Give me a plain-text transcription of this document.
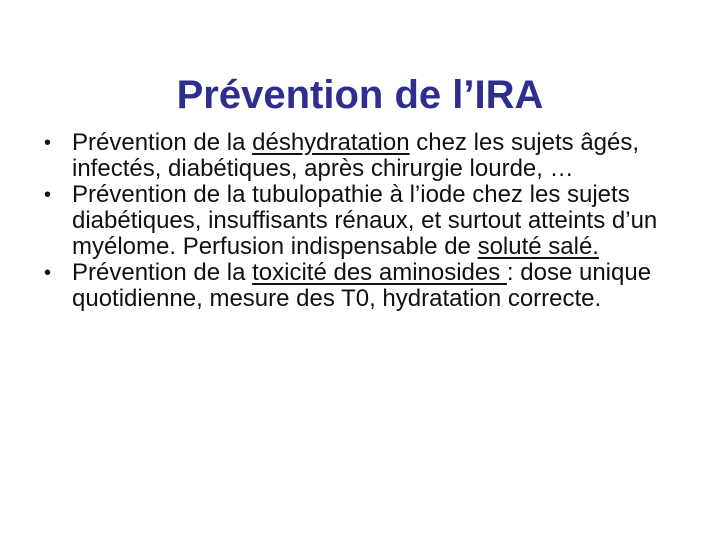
Prévention de l’IRA
• Prévention de la déshydratation chez les sujets âgés, infectés, diabétiques, après chirurgie lourde, …
• Prévention de la tubulopathie à l’iode chez les sujets diabétiques, insuffisants rénaux, et surtout atteints d’un myélome. Perfusion indispensable de soluté salé.
• Prévention de la toxicité des aminosides : dose unique quotidienne, mesure des T0, hydratation correcte.
